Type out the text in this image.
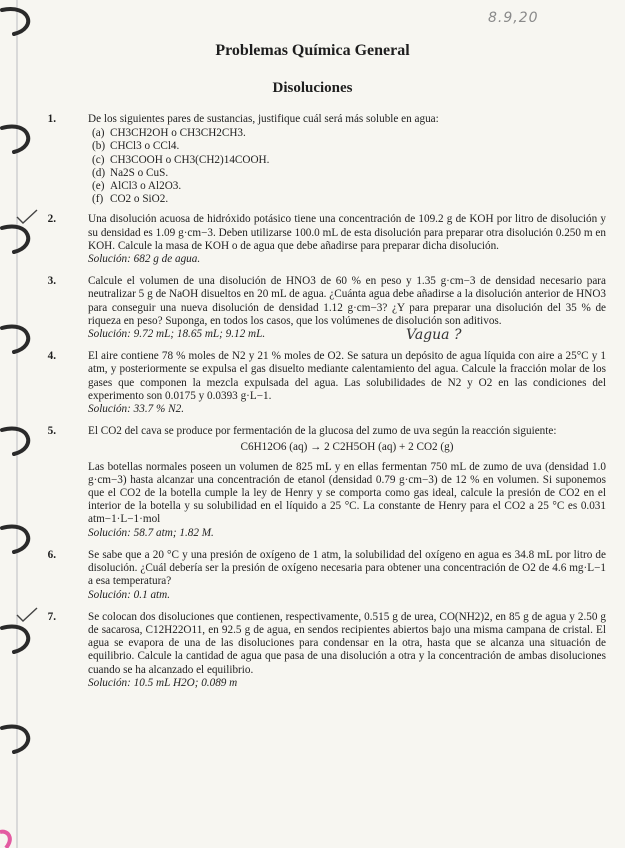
8.9,20
Problemas Química General
Disoluciones
1.	De los siguientes pares de sustancias, justifique cuál será más soluble en agua:

(a) CH3CH2OH o CH3CH2CH3.
(b) CHCl3 o CCl4.
(c) CH3COOH o CH3(CH2)14COOH.
(d) Na2S o CuS.
(e) AlCl3 o Al2O3.
(f) CO2 o SiO2.
2.	Una disolución acuosa de hidróxido potásico tiene una concentración de 109.2 g de KOH por litro de disolución y su densidad es 1.09 g·cm−3. Deben utilizarse 100.0 mL de esta disolución para preparar otra disolución 0.250 m en KOH. Calcule la masa de KOH o de agua que debe añadirse para preparar dicha disolución.

Solución: 682 g de agua.
3.	Calcule el volumen de una disolución de HNO3 de 60 % en peso y 1.35 g·cm−3 de densidad necesario para neutralizar 5 g de NaOH disueltos en 20 mL de agua. ¿Cuánta agua debe añadirse a la disolución anterior de HNO3 para conseguir una nueva disolución de densidad 1.12 g·cm−3? ¿Y para preparar una disolución del 35 % de riqueza en peso? Suponga, en todos los casos, que los volúmenes de disolución son aditivos.

Solución: 9.72 mL; 18.65 mL; 9.12 mL.	Vagua ?
4.	El aire contiene 78 % moles de N2 y 21 % moles de O2. Se satura un depósito de agua líquida con aire a 25°C y 1 atm, y posteriormente se expulsa el gas disuelto mediante calentamiento del agua. Calcule la fracción molar de los gases que componen la mezcla expulsada del agua. Las solubilidades de N2 y O2 en las condiciones del experimento son 0.0175 y 0.0393 g·L−1.

Solución: 33.7 % N2.
5.	El CO2 del cava se produce por fermentación de la glucosa del zumo de uva según la reacción siguiente:

C6H12O6 (aq) → 2 C2H5OH (aq) + 2 CO2 (g)

Las botellas normales poseen un volumen de 825 mL y en ellas fermentan 750 mL de zumo de uva (densidad 1.0 g·cm−3) hasta alcanzar una concentración de etanol (densidad 0.79 g·cm−3) de 12 % en volumen. Si suponemos que el CO2 de la botella cumple la ley de Henry y se comporta como gas ideal, calcule la presión de CO2 en el interior de la botella y su solubilidad en el líquido a 25 °C. La constante de Henry para el CO2 a 25 °C es 0.031 atm−1·L−1·mol

Solución: 58.7 atm; 1.82 M.
6.	Se sabe que a 20 °C y una presión de oxígeno de 1 atm, la solubilidad del oxígeno en agua es 34.8 mL por litro de disolución. ¿Cuál debería ser la presión de oxígeno necesaria para obtener una concentración de O2 de 4.6 mg·L−1 a esa temperatura?

Solución: 0.1 atm.
7.	Se colocan dos disoluciones que contienen, respectivamente, 0.515 g de urea, CO(NH2)2, en 85 g de agua y 2.50 g de sacarosa, C12H22O11, en 92.5 g de agua, en sendos recipientes abiertos bajo una misma campana de cristal. El agua se evapora de una de las disoluciones para condensar en la otra, hasta que se alcanza una situación de equilibrio. Calcule la cantidad de agua que pasa de una disolución a otra y la concentración de ambas disoluciones cuando se ha alcanzado el equilibrio.

Solución: 10.5 mL H2O; 0.089 m
